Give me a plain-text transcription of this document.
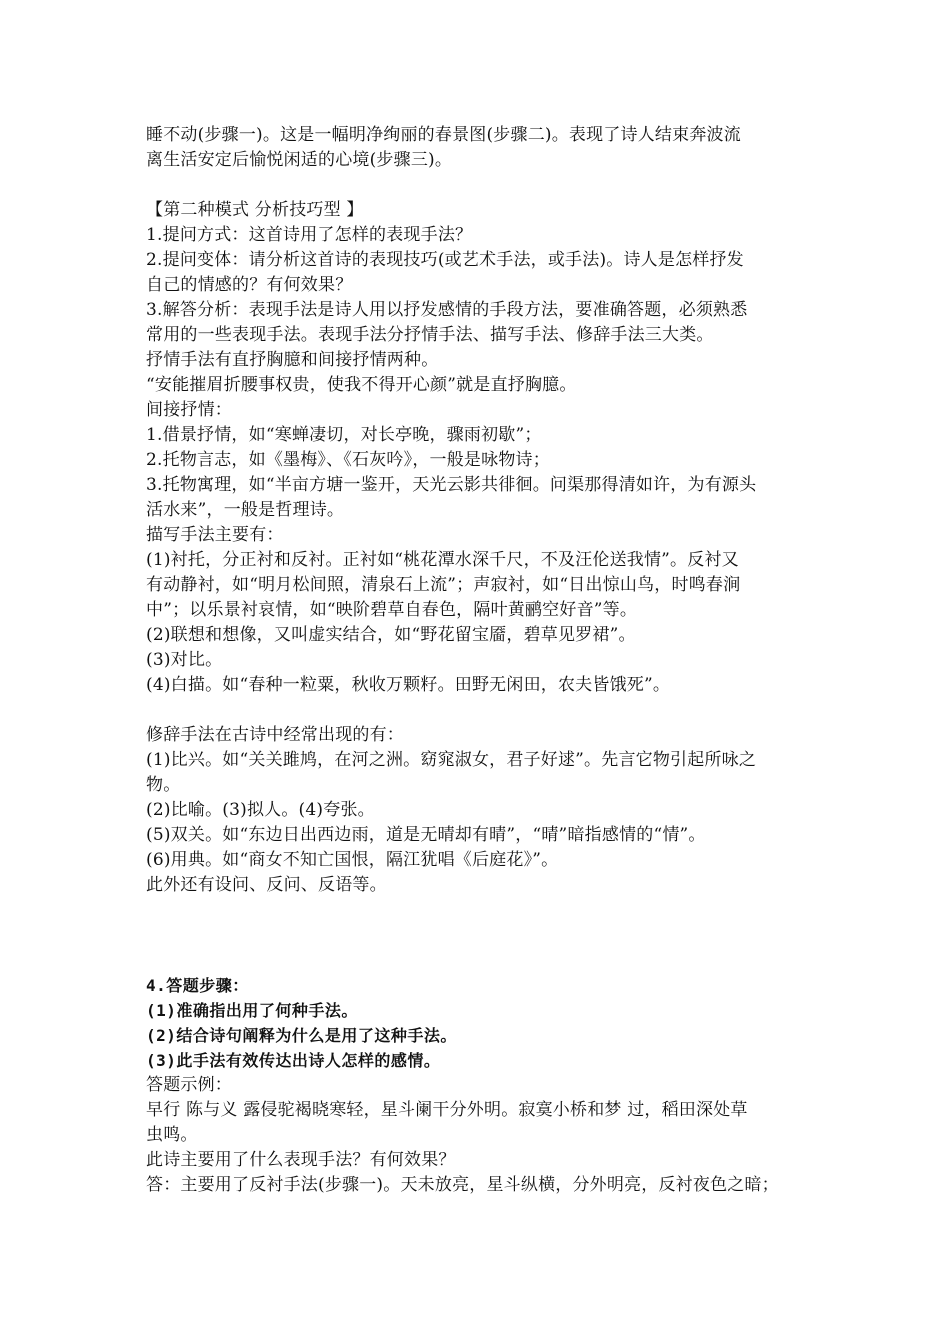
睡不动(步骤一)。这是一幅明净绚丽的春景图(步骤二)。表现了诗人结束奔波流
离生活安定后愉悦闲适的心境(步骤三)。
【第二种模式 分析技巧型 】
1.提问方式：这首诗用了怎样的表现手法？
2.提问变体：请分析这首诗的表现技巧(或艺术手法，或手法)。诗人是怎样抒发
自己的情感的？有何效果？
3.解答分析：表现手法是诗人用以抒发感情的手段方法，要准确答题，必须熟悉
常用的一些表现手法。表现手法分抒情手法、描写手法、修辞手法三大类。
抒情手法有直抒胸臆和间接抒情两种。
“安能摧眉折腰事权贵，使我不得开心颜”就是直抒胸臆。
间接抒情：
1.借景抒情，如“寒蝉凄切，对长亭晚，骤雨初歇”；
2.托物言志，如《墨梅》、《石灰吟》，一般是咏物诗；
3.托物寓理，如“半亩方塘一鉴开，天光云影共徘徊。问渠那得清如许，为有源头
活水来”，一般是哲理诗。
描写手法主要有：
(1)衬托，分正衬和反衬。正衬如“桃花潭水深千尺，不及汪伦送我情”。反衬又
有动静衬，如“明月松间照，清泉石上流”；声寂衬，如“日出惊山鸟，时鸣春涧
中”；以乐景衬哀情，如“映阶碧草自春色，隔叶黄鹂空好音”等。
(2)联想和想像，又叫虚实结合，如“野花留宝靥，碧草见罗裙”。
(3)对比。
(4)白描。如“春种一粒粟，秋收万颗籽。田野无闲田，农夫皆饿死”。
修辞手法在古诗中经常出现的有：
(1)比兴。如“关关雎鸠，在河之洲。窈窕淑女，君子好逑”。先言它物引起所咏之
物。
(2)比喻。(3)拟人。(4)夸张。
(5)双关。如“东边日出西边雨，道是无晴却有晴”，“晴”暗指感情的“情”。
(6)用典。如“商女不知亡国恨，隔江犹唱《后庭花》”。
此外还有设问、反问、反语等。
4.答题步骤：
(1)准确指出用了何种手法。
(2)结合诗句阐释为什么是用了这种手法。
(3)此手法有效传达出诗人怎样的感情。
答题示例：
早行 陈与义 露侵驼褐晓寒轻，星斗阑干分外明。寂寞小桥和梦 过，稻田深处草
虫鸣。
此诗主要用了什么表现手法？有何效果？
答：主要用了反衬手法(步骤一)。天未放亮，星斗纵横，分外明亮，反衬夜色之暗；
